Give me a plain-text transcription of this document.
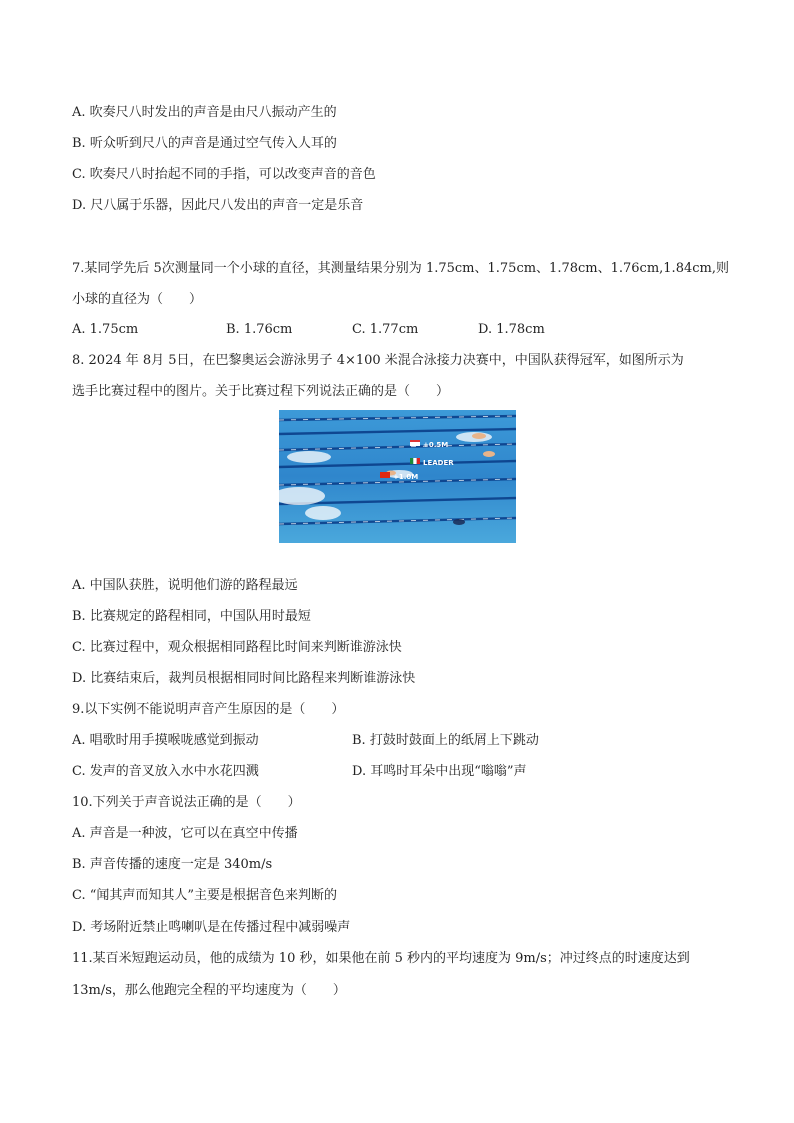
A. 吹奏尺八时发出的声音是由尺八振动产生的
B. 听众听到尺八的声音是通过空气传入人耳的
C. 吹奏尺八时抬起不同的手指，可以改变声音的音色
D. 尺八属于乐器，因此尺八发出的声音一定是乐音
7.某同学先后 5次测量同一个小球的直径，其测量结果分别为 1.75cm、1.75cm、1.78cm、1.76cm,1.84cm,则
小球的直径为（　　）
A. 1.75cm	B. 1.76cm	C. 1.77cm	D. 1.78cm
8. 2024 年 8月 5日，在巴黎奥运会游泳男子 4×100 米混合泳接力决赛中，中国队获得冠军，如图所示为
选手比赛过程中的图片。关于比赛过程下列说法正确的是（　　）
+0.5M
LEADER
+1.0M
A. 中国队获胜，说明他们游的路程最远
B. 比赛规定的路程相同，中国队用时最短
C. 比赛过程中，观众根据相同路程比时间来判断谁游泳快
D. 比赛结束后，裁判员根据相同时间比路程来判断谁游泳快
9.以下实例不能说明声音产生原因的是（　　）
A. 唱歌时用手摸喉咙感觉到振动	B. 打鼓时鼓面上的纸屑上下跳动
C. 发声的音叉放入水中水花四溅	D. 耳鸣时耳朵中出现“嗡嗡”声
10.下列关于声音说法正确的是（　　）
A. 声音是一种波，它可以在真空中传播
B. 声音传播的速度一定是 340m/s
C. “闻其声而知其人”主要是根据音色来判断的
D. 考场附近禁止鸣喇叭是在传播过程中减弱噪声
11.某百米短跑运动员，他的成绩为 10 秒，如果他在前 5 秒内的平均速度为 9m/s；冲过终点的时速度达到
13m/s，那么他跑完全程的平均速度为（　　）
